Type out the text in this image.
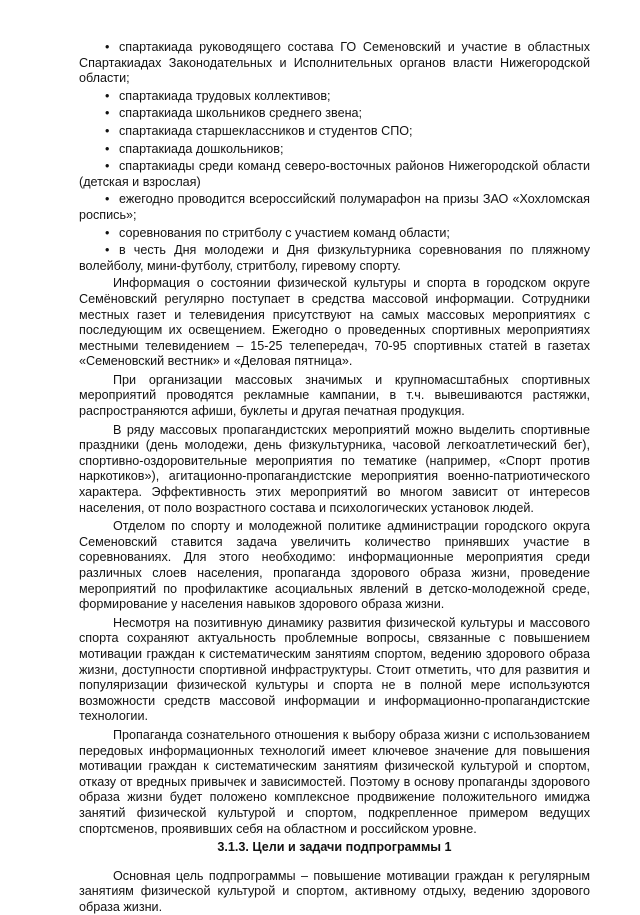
• спартакиада руководящего состава ГО Семеновский и участие в областных Спартакиадах Законодательных и Исполнительных органов власти Нижегородской области;
• спартакиада трудовых коллективов;
• спартакиада школьников среднего звена;
• спартакиада старшеклассников и студентов СПО;
• спартакиада дошкольников;
• спартакиады среди команд северо-восточных районов Нижегородской области (детская и взрослая)
• ежегодно проводится всероссийский полумарафон на призы ЗАО «Хохломская роспись»;
• соревнования по стритболу с участием команд области;
• в честь Дня молодежи и Дня физкультурника соревнования по пляжному волейболу, мини-футболу, стритболу, гиревому спорту.

Информация о состоянии физической культуры и спорта в городском округе Семёновский регулярно поступает в средства массовой информации. Сотрудники местных газет и телевидения присутствуют на самых массовых мероприятиях с последующим их освещением. Ежегодно о проведенных спортивных мероприятиях местными телевидением – 15-25 телепередач, 70-95 спортивных статей в газетах «Семеновский вестник» и «Деловая пятница».

При организации массовых значимых и крупномасштабных спортивных мероприятий проводятся рекламные кампании, в т.ч. вывешиваются растяжки, распространяются афиши, буклеты и другая печатная продукция.

В ряду массовых пропагандистских мероприятий можно выделить спортивные праздники (день молодежи, день физкультурника, часовой легкоатлетический бег), спортивно-оздоровительные мероприятия по тематике (например, «Спорт против наркотиков»), агитационно-пропагандистские мероприятия военно-патриотического характера. Эффективность этих мероприятий во многом зависит от интересов населения, от поло возрастного состава и психологических установок людей.

Отделом по спорту и молодежной политике администрации городского округа Семеновский ставится задача увеличить количество принявших участие в соревнованиях. Для этого необходимо: информационные мероприятия среди различных слоев населения, пропаганда здорового образа жизни, проведение мероприятий по профилактике асоциальных явлений в детско-молодежной среде, формирование у населения навыков здорового образа жизни.

Несмотря на позитивную динамику развития физической культуры и массового спорта сохраняют актуальность проблемные вопросы, связанные с повышением мотивации граждан к систематическим занятиям спортом, ведению здорового образа жизни, доступности спортивной инфраструктуры. Стоит отметить, что для развития и популяризации физической культуры и спорта не в полной мере используются возможности средств массовой информации и информационно-пропагандистские технологии.

Пропаганда сознательного отношения к выбору образа жизни с использованием передовых информационных технологий имеет ключевое значение для повышения мотивации граждан к систематическим занятиям физической культурой и спортом, отказу от вредных привычек и зависимостей. Поэтому в основу пропаганды здорового образа жизни будет положено комплексное продвижение положительного имиджа занятий физической культурой и спортом, подкрепленное примером ведущих спортсменов, проявивших себя на областном и российском уровне.

3.1.3. Цели и задачи подпрограммы 1

Основная цель подпрограммы – повышение мотивации граждан к регулярным занятиям физической культурой и спортом, активному отдыху, ведению здорового образа жизни.
